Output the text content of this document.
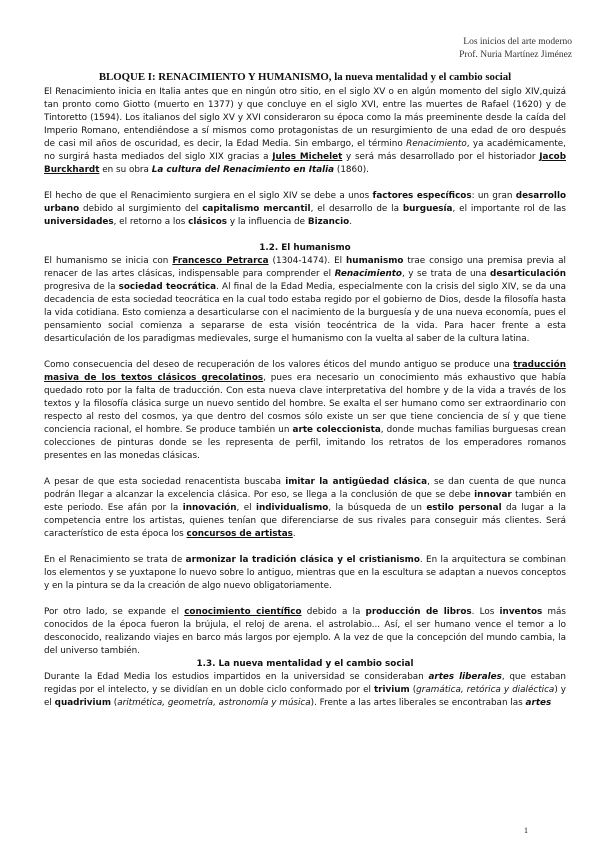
Los inicios del arte moderno
Prof. Nuria Martínez Jiménez
BLOQUE I: RENACIMIENTO Y HUMANISMO, la nueva mentalidad y el cambio social

El Renacimiento inicia en Italia antes que en ningún otro sitio, en el siglo XV o en algún momento del siglo XIV,quizá tan pronto como Giotto (muerto en 1377) y que concluye en el siglo XVI, entre las muertes de Rafael (1620) y de Tintoretto (1594). Los italianos del siglo XV y XVI consideraron su época como la más preeminente desde la caída del Imperio Romano, entendiéndose a sí mismos como protagonistas de un resurgimiento de una edad de oro después de casi mil años de oscuridad, es decir, la Edad Media. Sin embargo, el término Renacimiento, ya académicamente, no surgirá hasta mediados del siglo XIX gracias a Jules Michelet y será más desarrollado por el historiador Jacob Burckhardt en su obra La cultura del Renacimiento en Italia (1860).

El hecho de que el Renacimiento surgiera en el siglo XIV se debe a unos factores específicos: un gran desarrollo urbano debido al surgimiento del capitalismo mercantil, el desarrollo de la burguesía, el importante rol de las universidades, el retorno a los clásicos y la influencia de Bizancio.

1.2. El humanismo

El humanismo se inicia con Francesco Petrarca (1304-1474). El humanismo trae consigo una premisa previa al renacer de las artes clásicas, indispensable para comprender el Renacimiento, y se trata de una desarticulación progresiva de la sociedad teocrática. Al final de la Edad Media, especialmente con la crisis del siglo XIV, se da una decadencia de esta sociedad teocrática en la cual todo estaba regido por el gobierno de Dios, desde la filosofía hasta la vida cotidiana. Esto comienza a desarticularse con el nacimiento de la burguesía y de una nueva economía, pues el pensamiento social comienza a separarse de esta visión teocéntrica de la vida. Para hacer frente a esta desarticulación de los paradigmas medievales, surge el humanismo con la vuelta al saber de la cultura latina.

Como consecuencia del deseo de recuperación de los valores éticos del mundo antiguo se produce una traducción masiva de los textos clásicos grecolatinos, pues era necesario un conocimiento más exhaustivo que había quedado roto por la falta de traducción. Con esta nueva clave interpretativa del hombre y de la vida a través de los textos y la filosofía clásica surge un nuevo sentido del hombre. Se exalta el ser humano como ser extraordinario con respecto al resto del cosmos, ya que dentro del cosmos sólo existe un ser que tiene conciencia de sí y que tiene conciencia racional, el hombre. Se produce también un arte coleccionista, donde muchas familias burguesas crean colecciones de pinturas donde se les representa de perfil, imitando los retratos de los emperadores romanos presentes en las monedas clásicas.

A pesar de que esta sociedad renacentista buscaba imitar la antigüedad clásica, se dan cuenta de que nunca podrán llegar a alcanzar la excelencia clásica. Por eso, se llega a la conclusión de que se debe innovar también en este periodo. Ese afán por la innovación, el individualismo, la búsqueda de un estilo personal da lugar a la competencia entre los artistas, quienes tenían que diferenciarse de sus rivales para conseguir más clientes. Será característico de esta época los concursos de artistas.

En el Renacimiento se trata de armonizar la tradición clásica y el cristianismo. En la arquitectura se combinan los elementos y se yuxtapone lo nuevo sobre lo antiguo, mientras que en la escultura se adaptan a nuevos conceptos y en la pintura se da la creación de algo nuevo obligatoriamente.

Por otro lado, se expande el conocimiento científico debido a la producción de libros. Los inventos más conocidos de la época fueron la brújula, el reloj de arena. el astrolabio... Así, el ser humano vence el temor a lo desconocido, realizando viajes en barco más largos por ejemplo. A la vez de que la concepción del mundo cambia, la del universo también.

1.3. La nueva mentalidad y el cambio social

Durante la Edad Media los estudios impartidos en la universidad se consideraban artes liberales, que estaban regidas por el intelecto, y se dividían en un doble ciclo conformado por el trivium (gramática, retórica y dialéctica) y el quadrivium (aritmética, geometría, astronomía y música). Frente a las artes liberales se encontraban las artes

1
